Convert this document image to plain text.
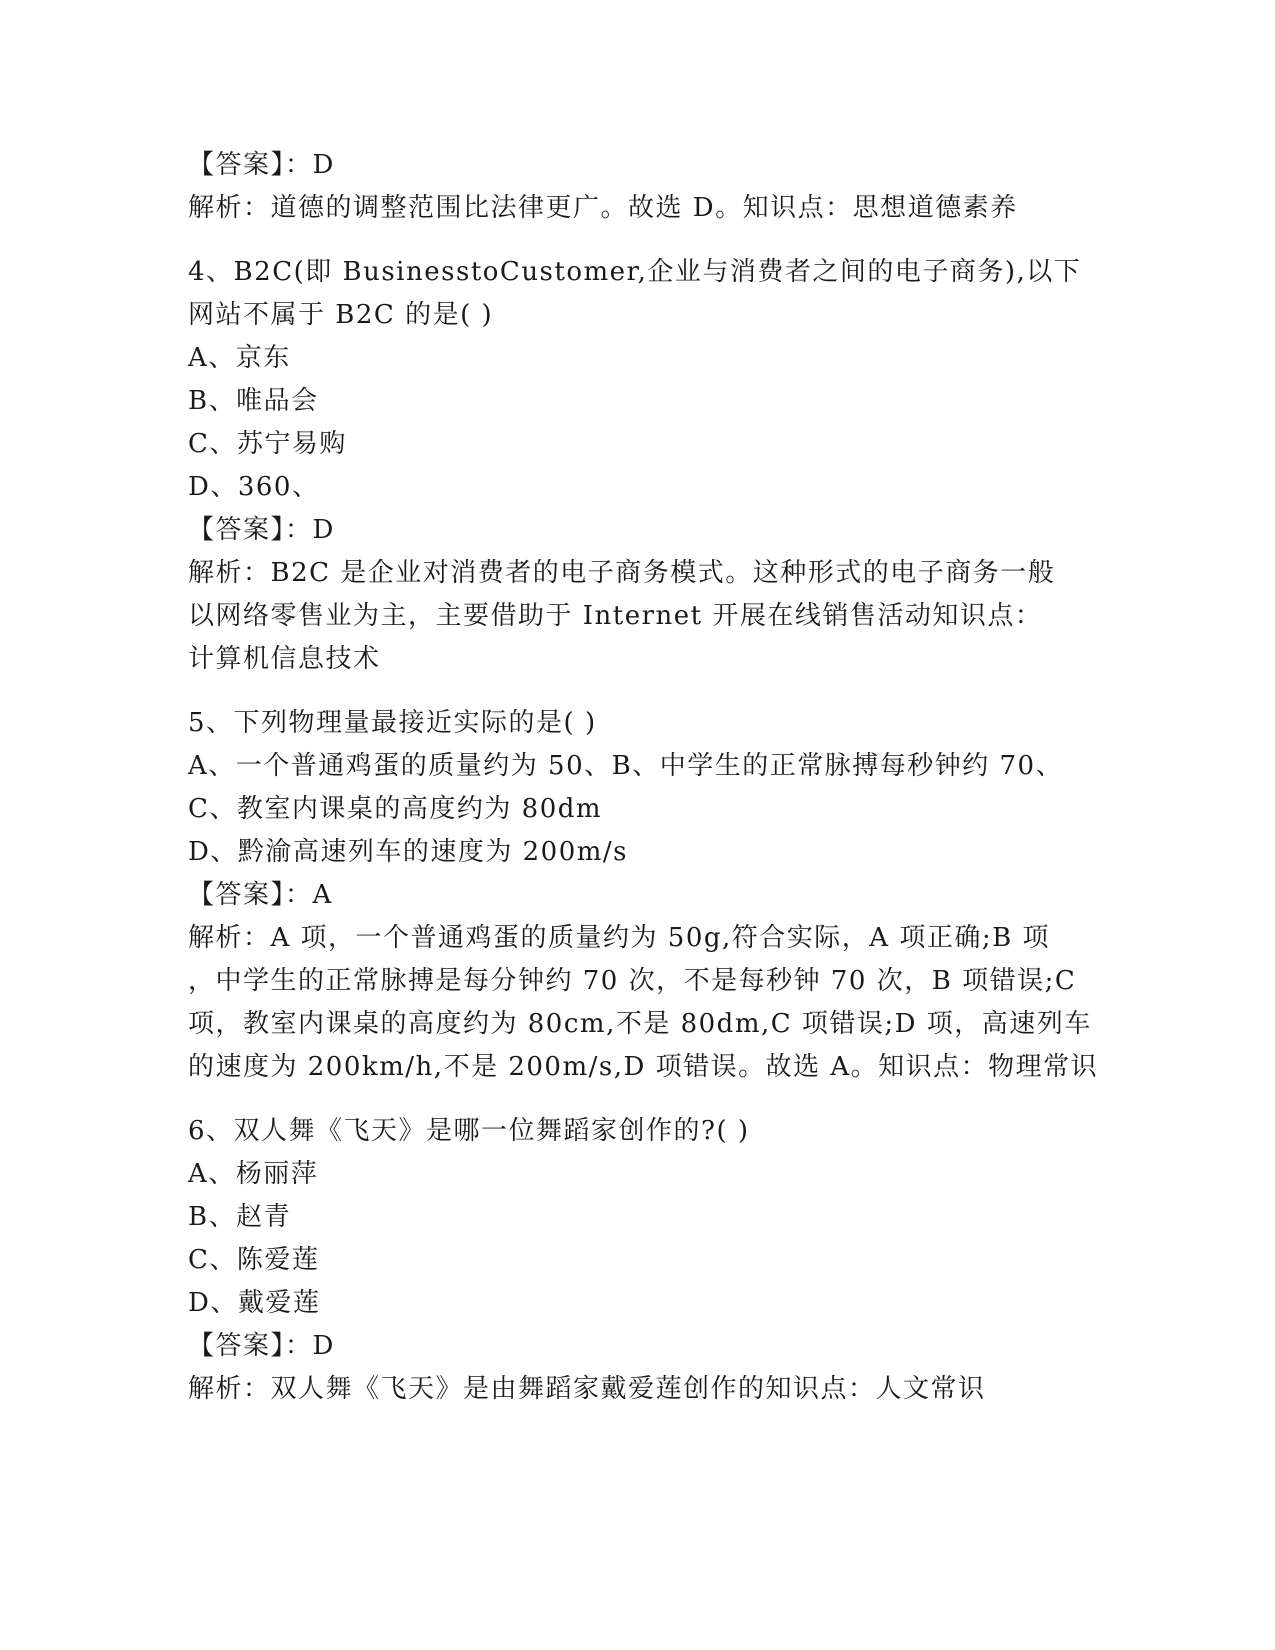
【答案】：D
解析：道德的调整范围比法律更广。故选 D。知识点：思想道德素养
4、B2C(即 BusinesstoCustomer,企业与消费者之间的电子商务),以下
网站不属于 B2C 的是( )
A、京东
B、唯品会
C、苏宁易购
D、360、
【答案】：D
解析：B2C 是企业对消费者的电子商务模式。这种形式的电子商务一般
以网络零售业为主，主要借助于 Internet 开展在线销售活动知识点：
计算机信息技术
5、下列物理量最接近实际的是( )
A、一个普通鸡蛋的质量约为 50、B、中学生的正常脉搏每秒钟约 70、
C、教室内课桌的高度约为 80dm
D、黔渝高速列车的速度为 200m/s
【答案】：A
解析：A 项，一个普通鸡蛋的质量约为 50g,符合实际，A 项正确;B 项
，中学生的正常脉搏是每分钟约 70 次，不是每秒钟 70 次，B 项错误;C
项，教室内课桌的高度约为 80cm,不是 80dm,C 项错误;D 项，高速列车
的速度为 200km/h,不是 200m/s,D 项错误。故选 A。知识点：物理常识
6、双人舞《飞天》是哪一位舞蹈家创作的?( )
A、杨丽萍
B、赵青
C、陈爱莲
D、戴爱莲
【答案】：D
解析：双人舞《飞天》是由舞蹈家戴爱莲创作的知识点：人文常识
